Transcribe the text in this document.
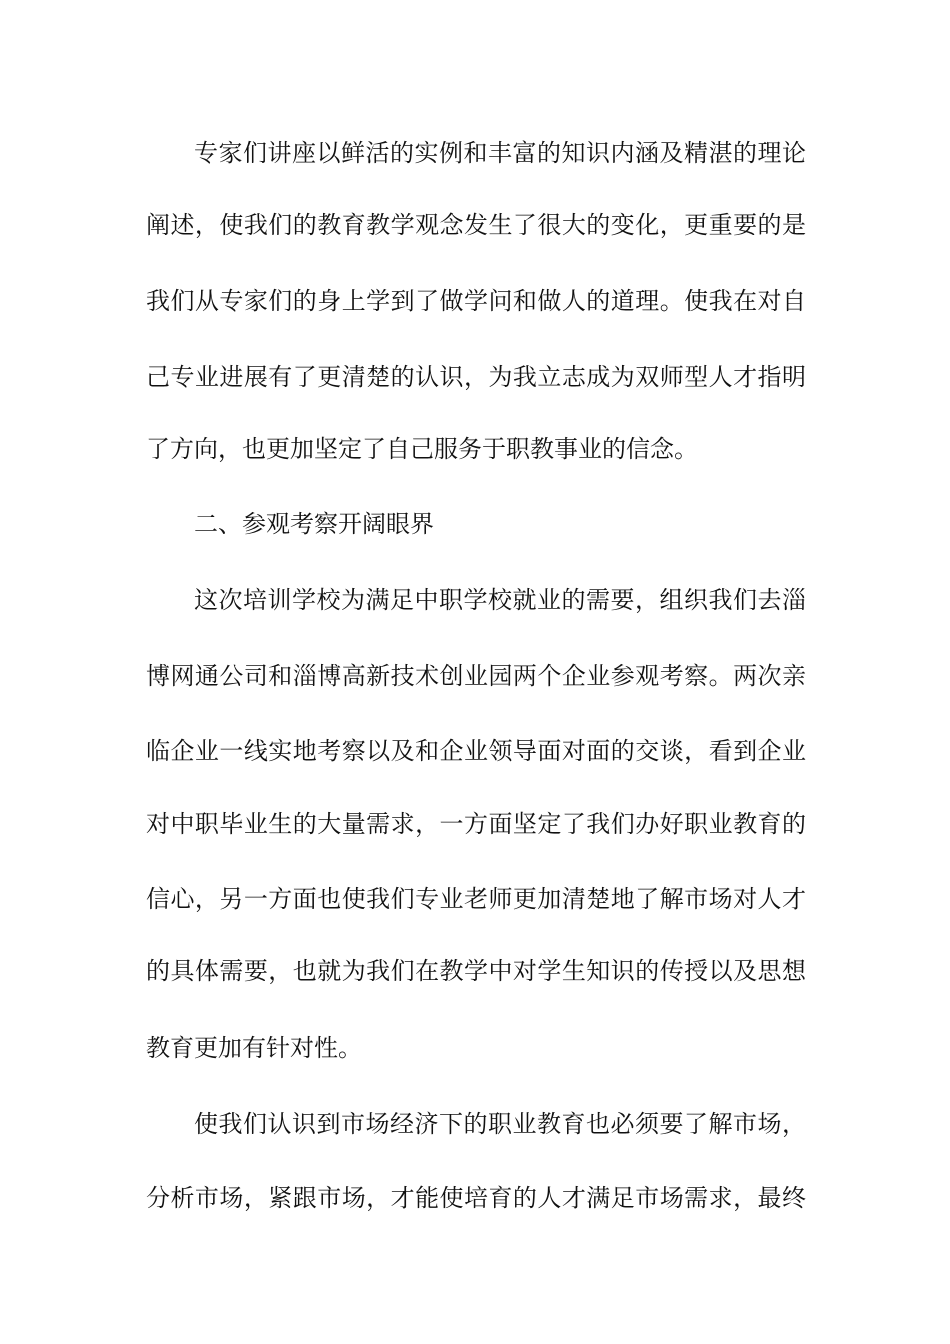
专家们讲座以鲜活的实例和丰富的知识内涵及精湛的理论
阐述，使我们的教育教学观念发生了很大的变化，更重要的是
我们从专家们的身上学到了做学问和做人的道理。使我在对自
己专业进展有了更清楚的认识，为我立志成为双师型人才指明
了方向，也更加坚定了自己服务于职教事业的信念。
二、参观考察开阔眼界
这次培训学校为满足中职学校就业的需要，组织我们去淄
博网通公司和淄博高新技术创业园两个企业参观考察。两次亲
临企业一线实地考察以及和企业领导面对面的交谈，看到企业
对中职毕业生的大量需求，一方面坚定了我们办好职业教育的
信心，另一方面也使我们专业老师更加清楚地了解市场对人才
的具体需要，也就为我们在教学中对学生知识的传授以及思想
教育更加有针对性。
使我们认识到市场经济下的职业教育也必须要了解市场，
分析市场，紧跟市场，才能使培育的人才满足市场需求，最终
